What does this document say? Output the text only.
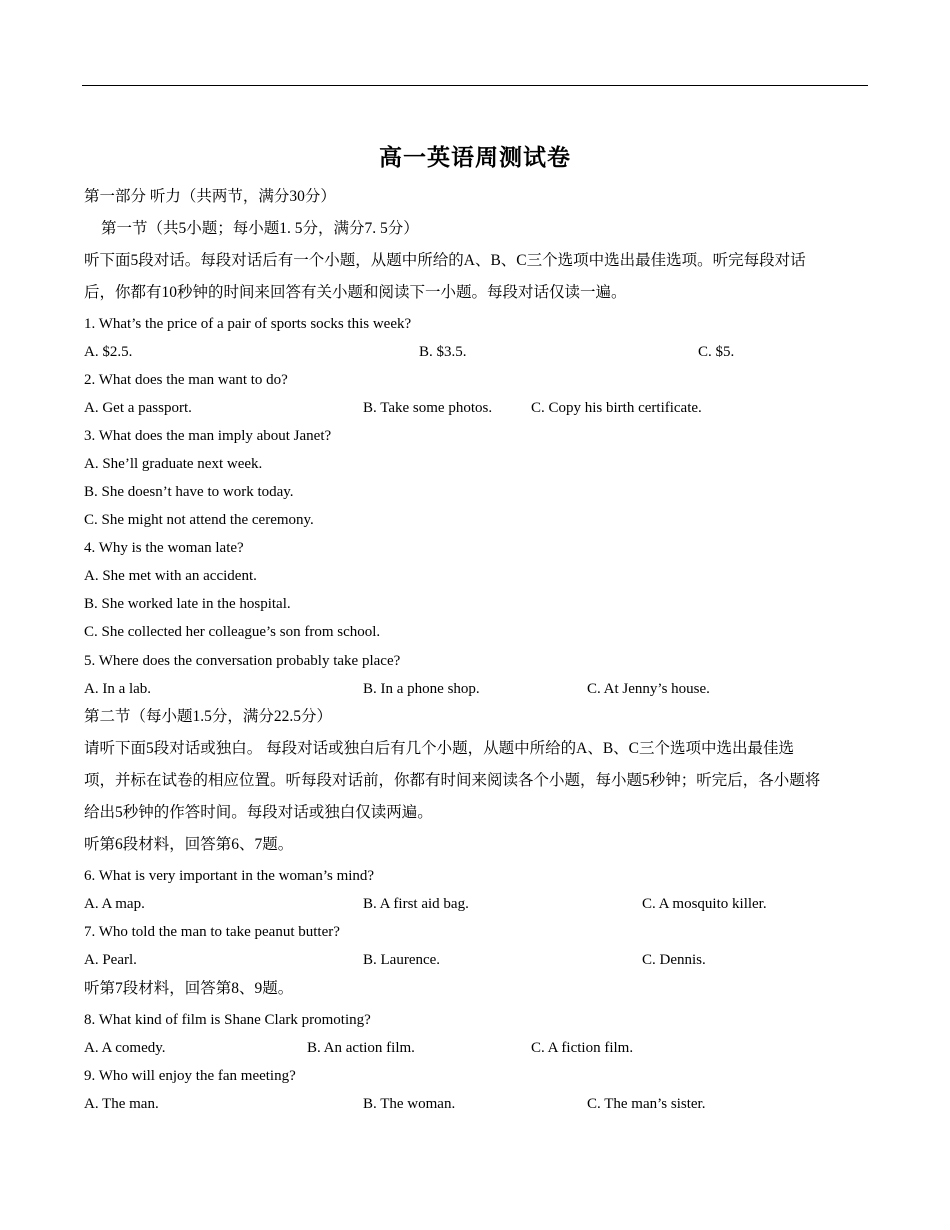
高一英语周测试卷
第一部分 听力（共两节，满分30分）
第一节（共5小题；每小题1. 5分，满分7. 5分）
听下面5段对话。每段对话后有一个小题，从题中所给的A、B、C三个选项中选出最佳选项。听完每段对话
后，你都有10秒钟的时间来回答有关小题和阅读下一小题。每段对话仅读一遍。
1. What’s the price of a pair of sports socks this week?
A. $2.5.	B. $3.5.	C. $5.
2. What does the man want to do?
A. Get a passport.	B. Take some photos.	C. Copy his birth certificate.
3. What does the man imply about Janet?
A. She’ll graduate next week.
B. She doesn’t have to work today.
C. She might not attend the ceremony.
4. Why is the woman late?
A. She met with an accident.
B. She worked late in the hospital.
C. She collected her colleague’s son from school.
5. Where does the conversation probably take place?
A. In a lab.	B. In a phone shop.	C. At Jenny’s house.
第二节（每小题1.5分，满分22.5分）
请听下面5段对话或独白。 每段对话或独白后有几个小题，从题中所给的A、B、C三个选项中选出最佳选
项，并标在试卷的相应位置。听每段对话前，你都有时间来阅读各个小题，每小题5秒钟；听完后，各小题将
给出5秒钟的作答时间。每段对话或独白仅读两遍。
听第6段材料，回答第6、7题。
6. What is very important in the woman’s mind?
A. A map.	B. A first aid bag.	C. A mosquito killer.
7. Who told the man to take peanut butter?
A. Pearl.	B. Laurence.	C. Dennis.
听第7段材料，回答第8、9题。
8. What kind of film is Shane Clark promoting?
A. A comedy.	B. An action film.	C. A fiction film.
9. Who will enjoy the fan meeting?
A. The man.	B. The woman.	C. The man’s sister.
